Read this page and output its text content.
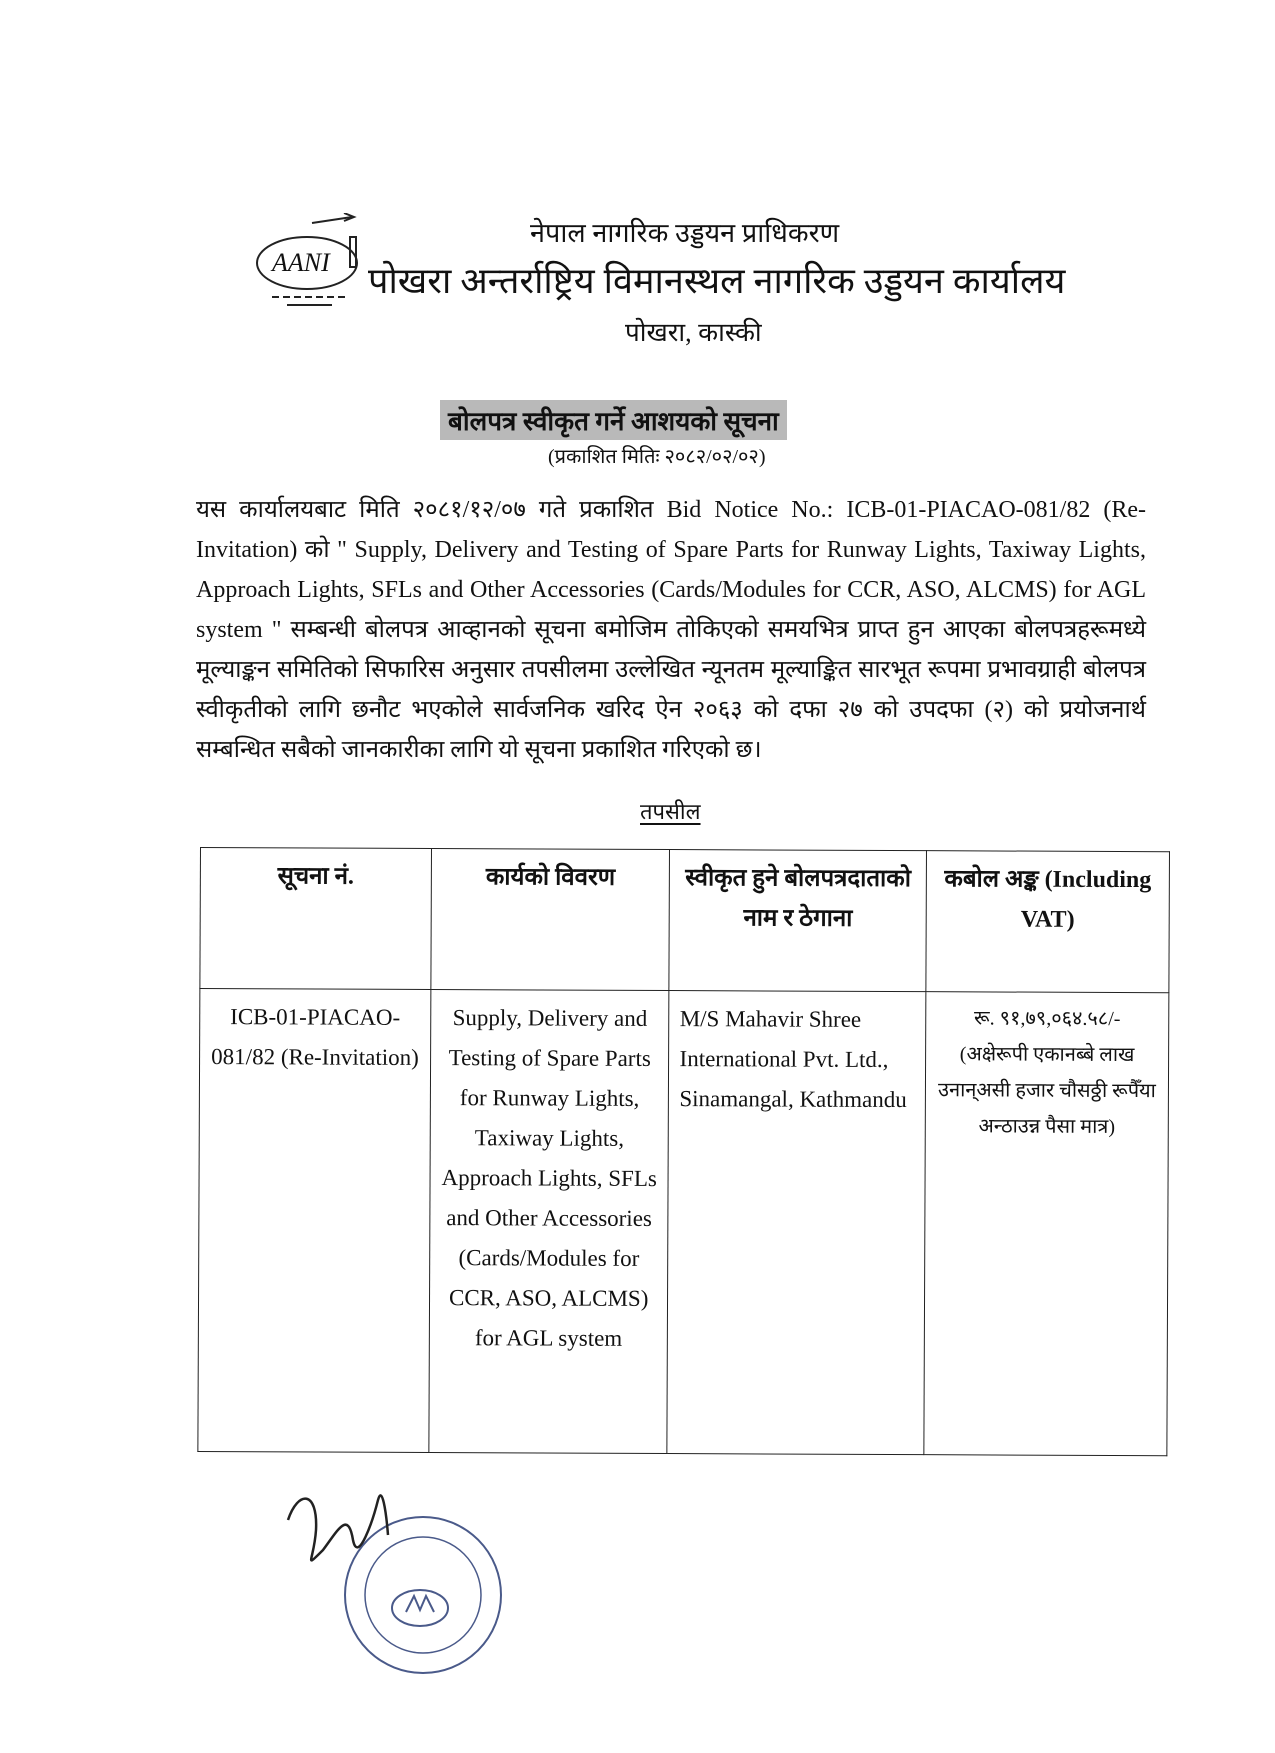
AANI
नेपाल नागरिक उड्डयन प्राधिकरण
पोखरा अन्तर्राष्ट्रिय विमानस्थल नागरिक उड्डयन कार्यालय
पोखरा, कास्की
बोलपत्र स्वीकृत गर्ने आशयको सूचना
(प्रकाशित मितिः २०८२/०२/०२)
यस कार्यालयबाट मिति २०८१/१२/०७ गते प्रकाशित Bid Notice No.: ICB-01-PIACAO-081/82 (Re-Invitation) को " Supply, Delivery and Testing of Spare Parts for Runway Lights, Taxiway Lights, Approach Lights, SFLs and Other Accessories (Cards/Modules for CCR, ASO, ALCMS) for AGL system " सम्बन्धी बोलपत्र आव्हानको सूचना बमोजिम तोकिएको समयभित्र प्राप्त हुन आएका बोलपत्रहरूमध्ये मूल्याङ्कन समितिको सिफारिस अनुसार तपसीलमा उल्लेखित न्यूनतम मूल्याङ्कित सारभूत रूपमा प्रभावग्राही बोलपत्र स्वीकृतीको लागि छनौट भएकोले सार्वजनिक खरिद ऐन २०६३ को दफा २७ को उपदफा (२) को प्रयोजनार्थ सम्बन्धित सबैको जानकारीका लागि यो सूचना प्रकाशित गरिएको छ।
तपसील
सूचना नं.	कार्यको विवरण	स्वीकृत हुने बोलपत्रदाताको नाम र ठेगाना	कबोल अङ्क (Including VAT)
ICB-01-PIACAO-081/82 (Re-Invitation)	Supply, Delivery and Testing of Spare Parts for Runway Lights, Taxiway Lights, Approach Lights, SFLs and Other Accessories (Cards/Modules for CCR, ASO, ALCMS) for AGL system	M/S Mahavir Shree International Pvt. Ltd., Sinamangal, Kathmandu	रू. ९१,७९,०६४.५८/-
(अक्षेरूपी एकानब्बे लाख उनान्असी हजार चौसठ्ठी रूपैँया अन्ठाउन्न पैसा मात्र)
